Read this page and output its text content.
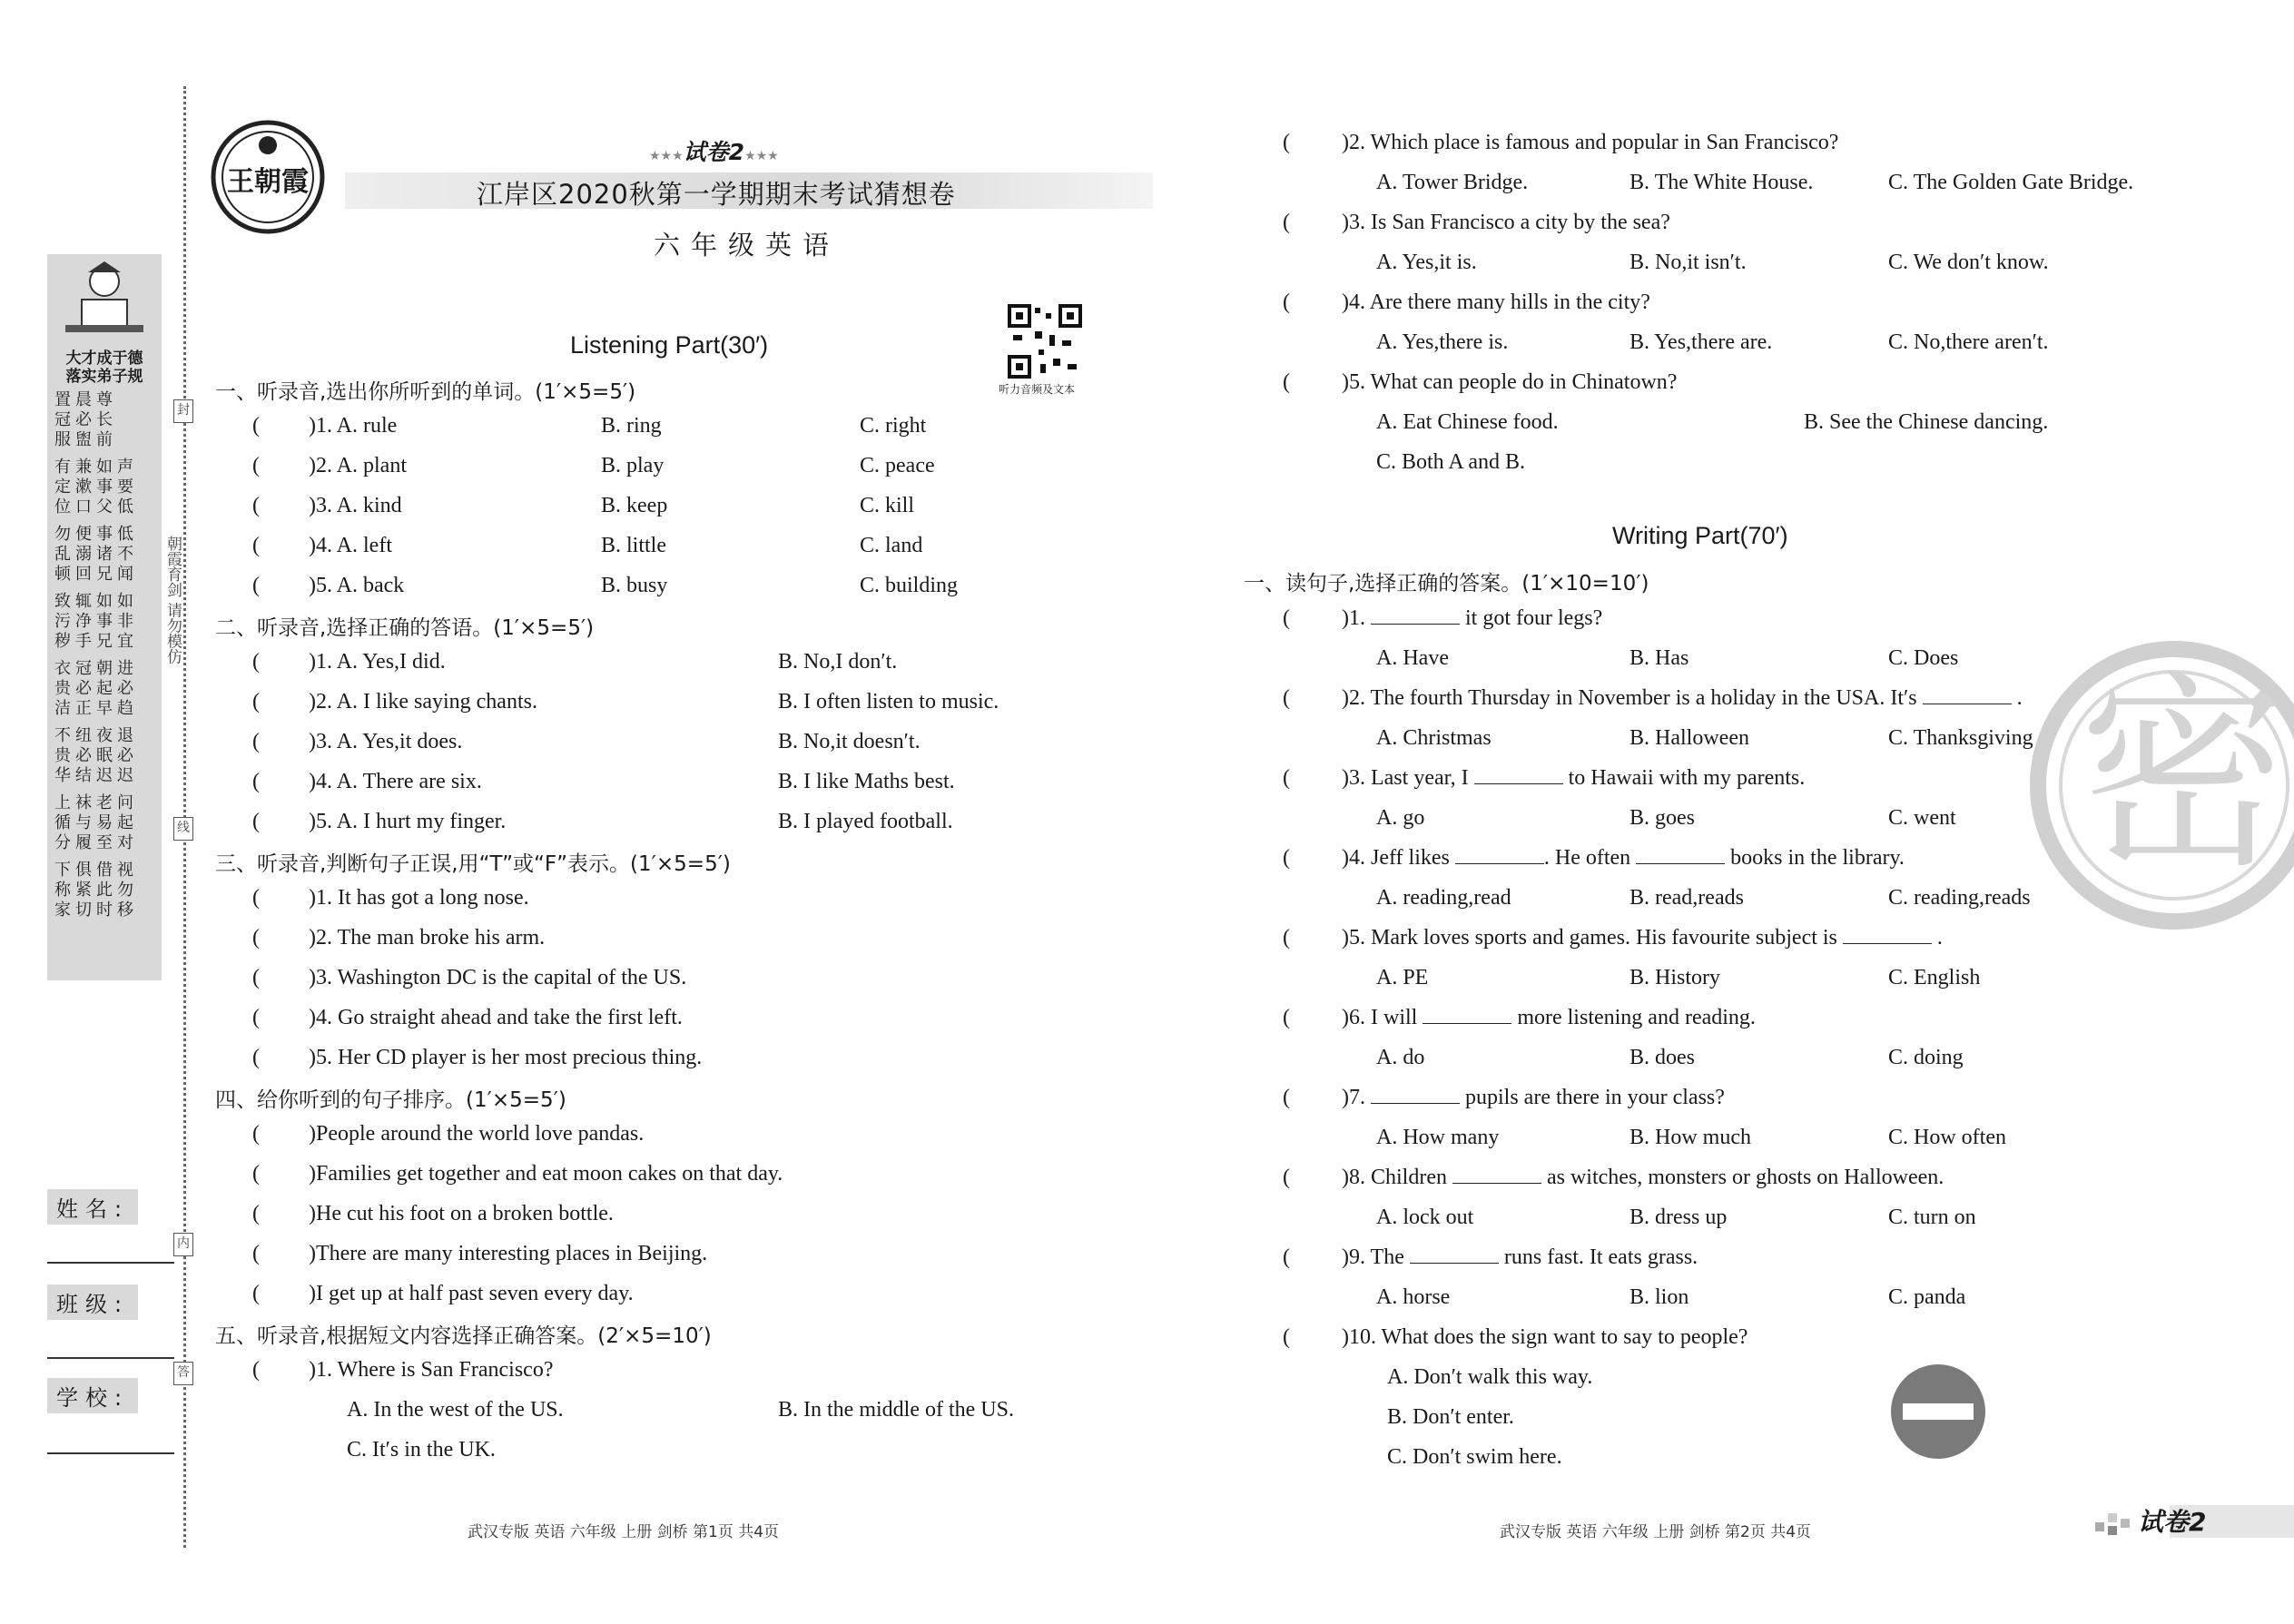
大才成于德
落实弟子规
置晨尊
冠必长
服盥前
有兼如声
定漱事要
位口父低
勿便事低
乱溺诸不
顿回兄闻
致辄如如
污净事非
秽手兄宜
衣冠朝进
贵必起必
洁正早趋
不纽夜退
贵必眠必
华结迟迟
上袜老问
循与易起
分履至对
下俱借视
称紧此勿
家切时移
姓名:
班级:
学校:
封
线
内
答
朝霞育剑 请勿模仿
王朝霞
★★★试卷2★★★
江岸区2020秋第一学期期末考试猜想卷
六年级英语
听力音频及文本
Listening Part(30′)
一、听录音,选出你所听到的单词。(1′×5=5′)
二、听录音,选择正确的答语。(1′×5=5′)
三、听录音,判断句子正误,用“T”或“F”表示。(1′×5=5′)
四、给你听到的句子排序。(1′×5=5′)
五、听录音,根据短文内容选择正确答案。(2′×5=10′)
( )1. A. rule	B. ring	C. right
( )2. A. plant	B. play	C. peace
( )3. A. kind	B. keep	C. kill
( )4. A. left	B. little	C. land
( )5. A. back	B. busy	C. building
( )1. A. Yes,I did.	B. No,I don′t.
( )2. A. I like saying chants.	B. I often listen to music.
( )3. A. Yes,it does.	B. No,it doesn′t.
( )4. A. There are six.	B. I like Maths best.
( )5. A. I hurt my finger.	B. I played football.
( )1. It has got a long nose.
( )2. The man broke his arm.
( )3. Washington DC is the capital of the US.
( )4. Go straight ahead and take the first left.
( )5. Her CD player is her most precious thing.
( )People around the world love pandas.
( )Families get together and eat moon cakes on that day.
( )He cut his foot on a broken bottle.
( )There are many interesting places in Beijing.
( )I get up at half past seven every day.
( )1. Where is San Francisco?
A. In the west of the US.	B. In the middle of the US.
C. It′s in the UK.
( )2. Which place is famous and popular in San Francisco?
A. Tower Bridge.	B. The White House.	C. The Golden Gate Bridge.
( )3. Is San Francisco a city by the sea?
A. Yes,it is.	B. No,it isn′t.	C. We don′t know.
( )4. Are there many hills in the city?
A. Yes,there is.	B. Yes,there are.	C. No,there aren′t.
( )5. What can people do in Chinatown?
A. Eat Chinese food.	B. See the Chinese dancing.
C. Both A and B.
( )1.	it got four legs?
A. Have	B. Has	C. Does
( )2. The fourth Thursday in November is a holiday in the USA. It′s	.
A. Christmas	B. Halloween	C. Thanksgiving
( )3. Last year, I	to Hawaii with my parents.
A. go	B. goes	C. went
( )4. Jeff likes	. He often	books in the library.
A. reading,read	B. read,reads	C. reading,reads
( )5. Mark loves sports and games. His favourite subject is	.
A. PE	B. History	C. English
( )6. I will	more listening and reading.
A. do	B. does	C. doing
( )7.	pupils are there in your class?
A. How many	B. How much	C. How often
( )8. Children	as witches, monsters or ghosts on Halloween.
A. lock out	B. dress up	C. turn on
( )9. The	runs fast. It eats grass.
A. horse	B. lion	C. panda
( )10. What does the sign want to say to people?
A. Don′t walk this way.
B. Don′t enter.
C. Don′t swim here.
Writing Part(70′)
一、读句子,选择正确的答案。(1′×10=10′)
密
武汉专版 英语 六年级 上册 剑桥 第1页 共4页	武汉专版 英语 六年级 上册 剑桥 第2页 共4页	试卷2
